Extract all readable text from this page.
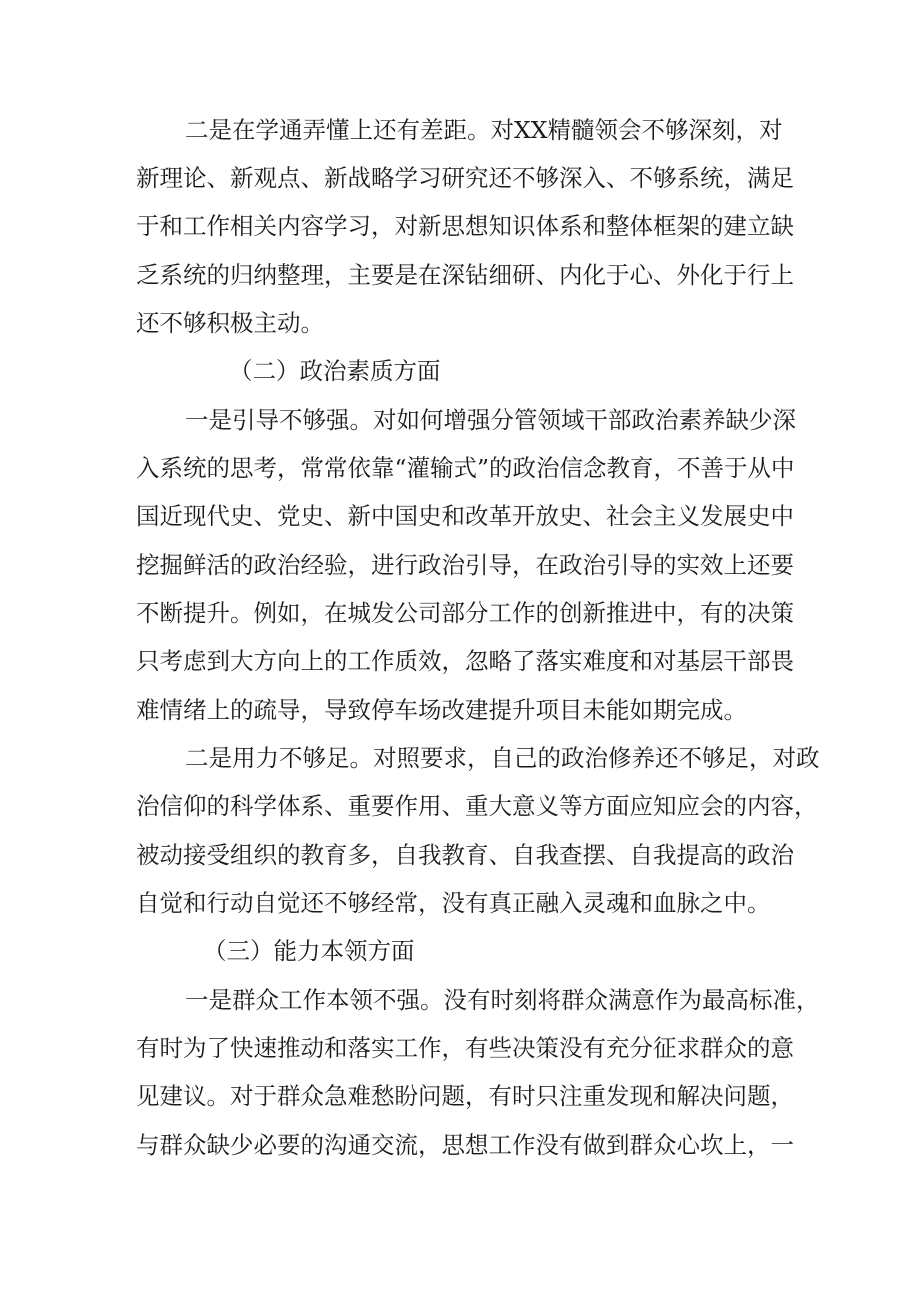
二是在学通弄懂上还有差距。对XX精髓领会不够深刻，对
新理论、新观点、新战略学习研究还不够深入、不够系统，满足
于和工作相关内容学习，对新思想知识体系和整体框架的建立缺
乏系统的归纳整理，主要是在深钻细研、内化于心、外化于行上
还不够积极主动。
（二）政治素质方面
一是引导不够强。对如何增强分管领域干部政治素养缺少深
入系统的思考，常常依靠“灌输式”的政治信念教育，不善于从中
国近现代史、党史、新中国史和改革开放史、社会主义发展史中
挖掘鲜活的政治经验，进行政治引导，在政治引导的实效上还要
不断提升。例如，在城发公司部分工作的创新推进中，有的决策
只考虑到大方向上的工作质效，忽略了落实难度和对基层干部畏
难情绪上的疏导，导致停车场改建提升项目未能如期完成。
二是用力不够足。对照要求，自己的政治修养还不够足，对政
治信仰的科学体系、重要作用、重大意义等方面应知应会的内容，
被动接受组织的教育多，自我教育、自我查摆、自我提高的政治
自觉和行动自觉还不够经常，没有真正融入灵魂和血脉之中。
（三）能力本领方面
一是群众工作本领不强。没有时刻将群众满意作为最高标准，
有时为了快速推动和落实工作，有些决策没有充分征求群众的意
见建议。对于群众急难愁盼问题，有时只注重发现和解决问题，
与群众缺少必要的沟通交流，思想工作没有做到群众心坎上，一
